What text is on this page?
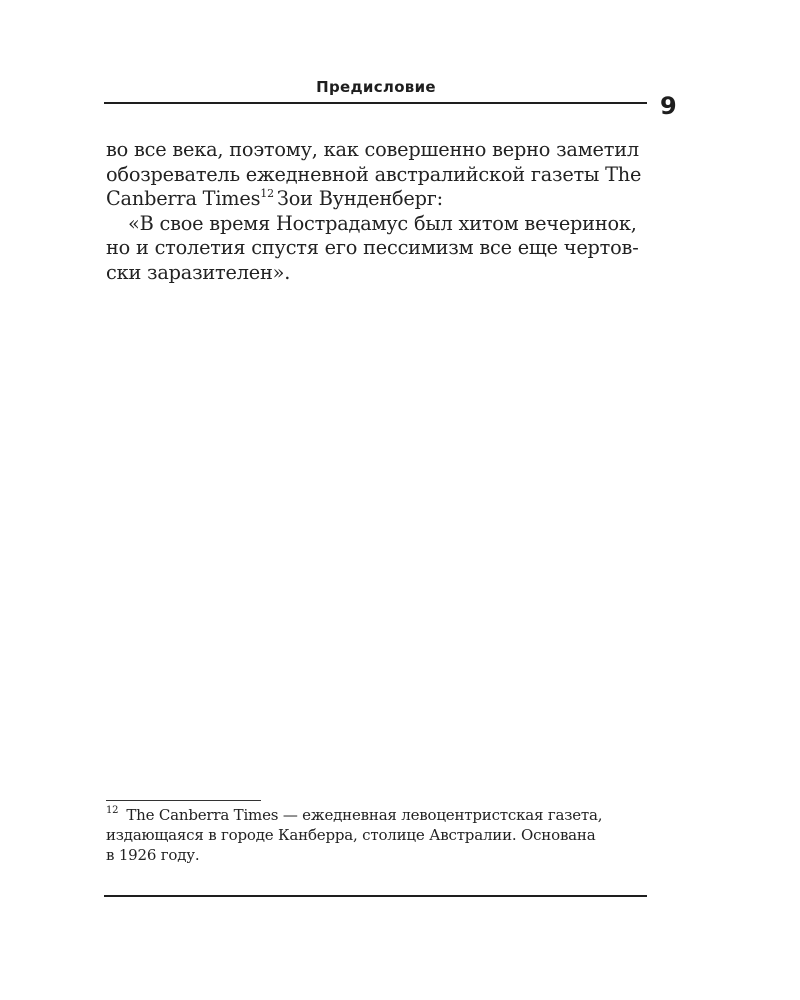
Предисловие
9
во все века, поэтому, как совершенно верно заметил
обозреватель ежедневной австралийской газеты The
Canberra Times$^{12}$ Зои Вунденберг:
«В свое время Нострадамус был хитом вечеринок,
но и столетия спустя его пессимизм все еще чертов-
ски заразителен».
$^{12}$ The Canberra Times — ежедневная левоцентристская газета,
издающаяся в городе Канберра, столице Австралии. Основана
в 1926 году.
